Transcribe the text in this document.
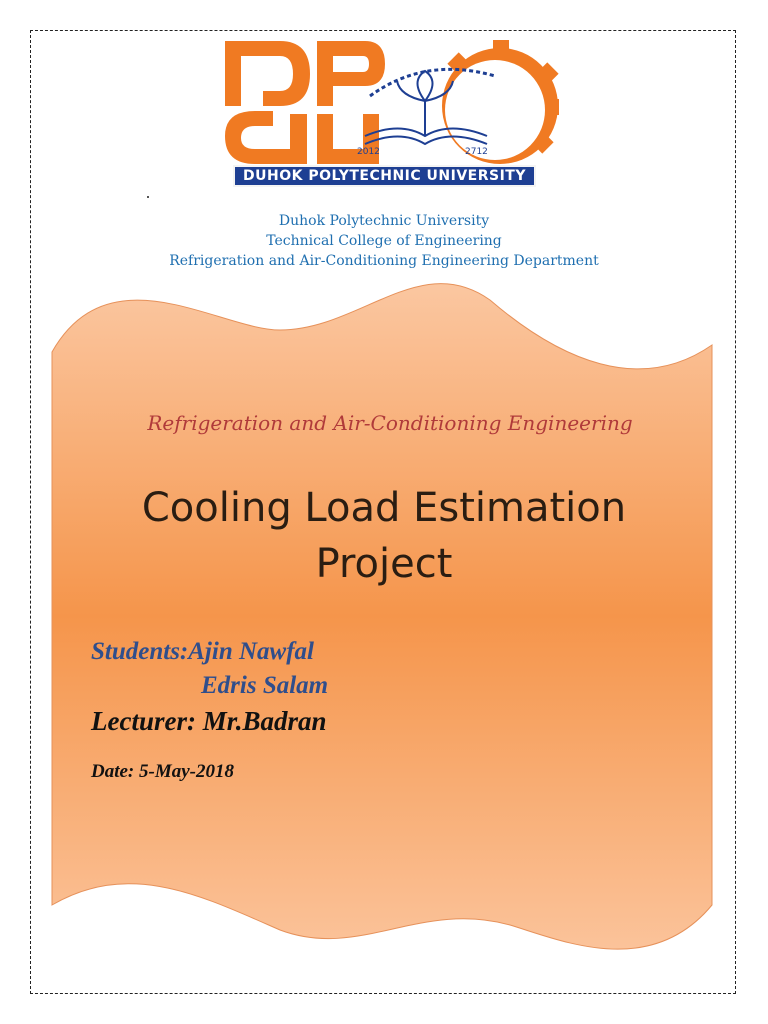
2012	2712
DUHOK POLYTECHNIC UNIVERSITY
Duhok Polytechnic University
Technical College of Engineering
Refrigeration and Air-Conditioning Engineering Department
Refrigeration and Air-Conditioning Engineering
Cooling Load Estimation
Project
Students:Ajin Nawfal
Edris Salam
Lecturer: Mr.Badran
Date: 5-May-2018
